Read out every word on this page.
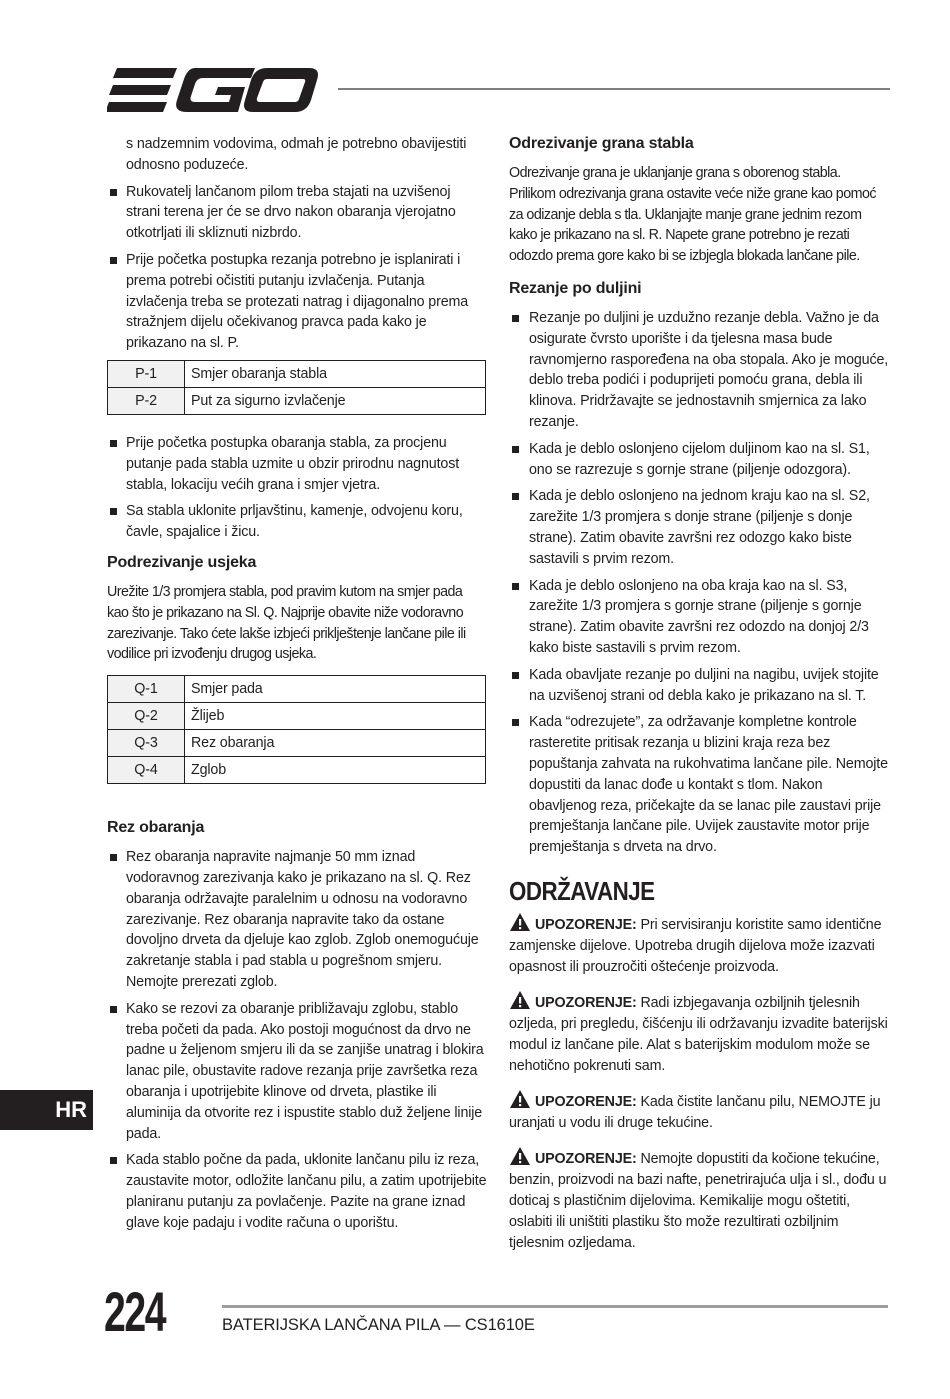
s nadzemnim vodovima, odmah je potrebno obavijestiti odnosno poduzeće.
Rukovatelj lančanom pilom treba stajati na uzvišenoj strani terena jer će se drvo nakon obaranja vjerojatno otkotrljati ili skliznuti nizbrdo.
Prije početka postupka rezanja potrebno je isplanirati i prema potrebi očistiti putanju izvlačenja. Putanja izvlačenja treba se protezati natrag i dijagonalno prema stražnjem dijelu očekivanog pravca pada kako je prikazano na sl. P.
P-1	Smjer obaranja stabla
P-2	Put za sigurno izvlačenje
Prije početka postupka obaranja stabla, za procjenu putanje pada stabla uzmite u obzir prirodnu nagnutost stabla, lokaciju većih grana i smjer vjetra.
Sa stabla uklonite prljavštinu, kamenje, odvojenu koru, čavle, spajalice i žicu.
Podrezivanje usjeka

Urežite 1/3 promjera stabla, pod pravim kutom na smjer pada kao što je prikazano na Sl. Q. Najprije obavite niže vodoravno zarezivanje. Tako ćete lakše izbjeći priklještenje lančane pile ili vodilice pri izvođenju drugog usjeka.

Q-1	Smjer pada
Q-2	Žlijeb
Q-3	Rez obaranja
Q-4	Zglob
Rez obaranja
Rez obaranja napravite najmanje 50 mm iznad vodoravnog zarezivanja kako je prikazano na sl. Q. Rez obaranja održavajte paralelnim u odnosu na vodoravno zarezivanje. Rez obaranja napravite tako da ostane dovoljno drveta da djeluje kao zglob. Zglob onemogućuje zakretanje stabla i pad stabla u pogrešnom smjeru. Nemojte prerezati zglob.
Kako se rezovi za obaranje približavaju zglobu, stablo treba početi da pada. Ako postoji mogućnost da drvo ne padne u željenom smjeru ili da se zanjiše unatrag i blokira lanac pile, obustavite radove rezanja prije završetka reza obaranja i upotrijebite klinove od drveta, plastike ili aluminija da otvorite rez i ispustite stablo duž željene linije pada.
Kada stablo počne da pada, uklonite lančanu pilu iz reza, zaustavite motor, odložite lančanu pilu, a zatim upotrijebite planiranu putanju za povlačenje. Pazite na grane iznad glave koje padaju i vodite računa o uporištu.
Odrezivanje grana stabla

Odrezivanje grana je uklanjanje grana s oborenog stabla. Prilikom odrezivanja grana ostavite veće niže grane kao pomoć za odizanje debla s tla. Uklanjajte manje grane jednim rezom kako je prikazano na sl. R. Napete grane potrebno je rezati odozdo prema gore kako bi se izbjegla blokada lančane pile.

Rezanje po duljini
Rezanje po duljini je uzdužno rezanje debla. Važno je da osigurate čvrsto uporište i da tjelesna masa bude ravnomjerno raspoređena na oba stopala. Ako je moguće, deblo treba podići i poduprijeti pomoću grana, debla ili klinova. Pridržavajte se jednostavnih smjernica za lako rezanje.
Kada je deblo oslonjeno cijelom duljinom kao na sl. S1, ono se razrezuje s gornje strane (piljenje odozgora).
Kada je deblo oslonjeno na jednom kraju kao na sl. S2, zarežite 1/3 promjera s donje strane (piljenje s donje strane). Zatim obavite završni rez odozgo kako biste sastavili s prvim rezom.
Kada je deblo oslonjeno na oba kraja kao na sl. S3, zarežite 1/3 promjera s gornje strane (piljenje s gornje strane). Zatim obavite završni rez odozdo na donjoj 2/3 kako biste sastavili s prvim rezom.
Kada obavljate rezanje po duljini na nagibu, uvijek stojite na uzvišenoj strani od debla kako je prikazano na sl. T.
Kada “odrezujete”, za održavanje kompletne kontrole rasteretite pritisak rezanja u blizini kraja reza bez popuštanja zahvata na rukohvatima lančane pile. Nemojte dopustiti da lanac dođe u kontakt s tlom. Nakon obavljenog reza, pričekajte da se lanac pile zaustavi prije premještanja lančane pile. Uvijek zaustavite motor prije premještanja s drveta na drvo.
ODRŽAVANJE

UPOZORENJE: Pri servisiranju koristite samo identične zamjenske dijelove. Upotreba drugih dijelova može izazvati opasnost ili prouzročiti oštećenje proizvoda.

UPOZORENJE: Radi izbjegavanja ozbiljnih tjelesnih ozljeda, pri pregledu, čišćenju ili održavanju izvadite baterijski modul iz lančane pile. Alat s baterijskim modulom može se nehotično pokrenuti sam.

UPOZORENJE: Kada čistite lančanu pilu, NEMOJTE ju uranjati u vodu ili druge tekućine.

UPOZORENJE: Nemojte dopustiti da kočione tekućine, benzin, proizvodi na bazi nafte, penetrirajuća ulja i sl., dođu u doticaj s plastičnim dijelovima. Kemikalije mogu oštetiti, oslabiti ili uništiti plastiku što može rezultirati ozbiljnim tjelesnim ozljedama.

HR
224	BATERIJSKA LANČANA PILA — CS1610E
